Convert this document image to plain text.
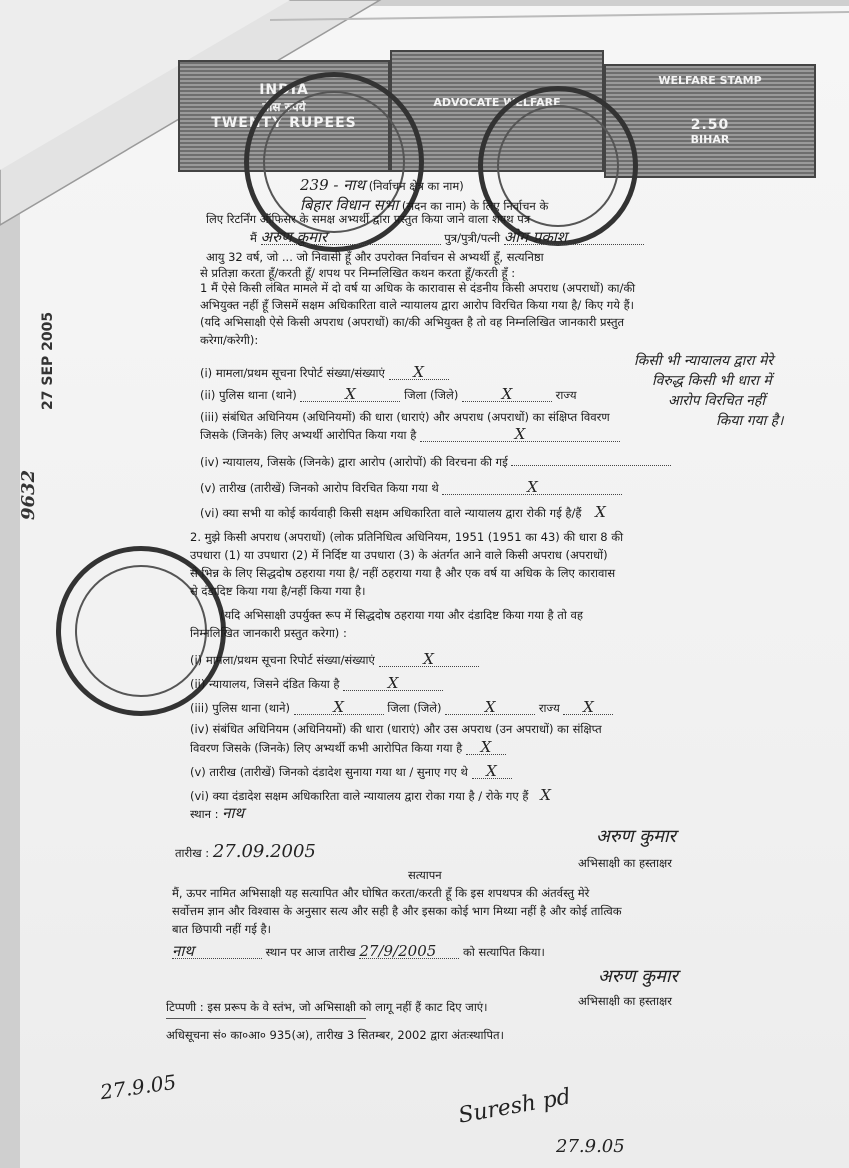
INDIA
बीस रुपये
TWENTY RUPEES
ADVOCATE WELFARE
WELFARE STAMP
2.50
BIHAR
27 SEP 2005
9632
239 - नाथ (निर्वाचन क्षेत्र का नाम)
बिहार विधान सभा (सदन का नाम) के लिए निर्वाचन के
लिए रिटर्निंग ऑफिसर के समक्ष अभ्यर्थी द्वारा प्रस्तुत किया जाने वाला शपथ पत्र
मैं अरुण कुमार	पुत्र/पुत्री/पत्नी ओम प्रकाश
आयु 32 वर्ष, जो ... जो निवासी हूँ और उपरोक्त निर्वाचन से अभ्यर्थी हूँ, सत्यनिष्ठा
से प्रतिज्ञा करता हूँ/करती हूँ/ शपथ पर निम्नलिखित कथन करता हूँ/करती हूँ :
1 मैं ऐसे किसी लंबित मामले में दो वर्ष या अधिक के कारावास से दंडनीय किसी अपराध (अपराधों) का/की
अभियुक्त नहीं हूँ जिसमें सक्षम अधिकारिता वाले न्यायालय द्वारा आरोप विरचित किया गया है/ किए गये हैं।
(यदि अभिसाक्षी ऐसे किसी अपराध (अपराधों) का/की अभियुक्त है तो वह निम्नलिखित जानकारी प्रस्तुत
करेगा/करेगी):
(i) मामला/प्रथम सूचना रिपोर्ट संख्या/संख्याएं X
(ii) पुलिस थाना (थाने)	X	जिला (जिले)	X	राज्य
(iii) संबंधित अधिनियम (अधिनियमों) की धारा (धाराएं) और अपराध (अपराधों) का संक्षिप्त विवरण
जिसके (जिनके) लिए अभ्यर्थी आरोपित किया गया है	X
(iv) न्यायालय, जिसके (जिनके) द्वारा आरोप (आरोपों) की विरचना की गई
(v) तारीख (तारीखें) जिनको आरोप विरचित किया गया थे	X
(vi) क्या सभी या कोई कार्यवाही किसी सक्षम अधिकारिता वाले न्यायालय द्वारा रोकी गई है/हैं X
किसी भी न्यायालय द्वारा मेरे
विरुद्ध किसी भी धारा में
आरोप विरचित नहीं
किया गया है।
2. मुझे किसी अपराध (अपराधों) (लोक प्रतिनिधित्व अधिनियम, 1951 (1951 का 43) की धारा 8 की
उपधारा (1) या उपधारा (2) में निर्दिष्ट या उपधारा (3) के अंतर्गत आने वाले किसी अपराध (अपराधों)
से भिन्न के लिए सिद्धदोष ठहराया गया है/ नहीं ठहराया गया है और एक वर्ष या अधिक के लिए कारावास
से दंडादिष्ट किया गया है/नहीं किया गया है।
(यदि अभिसाक्षी उपर्युक्त रूप में सिद्धदोष ठहराया गया और दंडादिष्ट किया गया है तो वह
निम्नलिखित जानकारी प्रस्तुत करेगा) :
(i) मामला/प्रथम सूचना रिपोर्ट संख्या/संख्याएं	X
(ii) न्यायालय, जिसने दंडित किया है	X
(iii) पुलिस थाना (थाने)	X	जिला (जिले)	X	राज्य X
(iv) संबंधित अधिनियम (अधिनियमों) की धारा (धाराएं) और उस अपराध (उन अपराधों) का संक्षिप्त
विवरण जिसके (जिनके) लिए अभ्यर्थी कभी आरोपित किया गया है X
(v) तारीख (तारीखें) जिनको दंडादेश सुनाया गया था / सुनाए गए थे X
(vi) क्या दंडादेश सक्षम अधिकारिता वाले न्यायालय द्वारा रोका गया है / रोके गए हैं X
स्थान : नाथ
तारीख : 27.09.2005
अरुण कुमार
अभिसाक्षी का हस्ताक्षर
सत्यापन
मैं, ऊपर नामित अभिसाक्षी यह सत्यापित और घोषित करता/करती हूँ कि इस शपथपत्र की अंतर्वस्तु मेरे
सर्वोत्तम ज्ञान और विश्वास के अनुसार सत्य और सही है और इसका कोई भाग मिथ्या नहीं है और कोई तात्विक
बात छिपायी नहीं गई है।
नाथ	स्थान पर आज तारीख 27/9/2005 को सत्यापित किया।
अरुण कुमार
अभिसाक्षी का हस्ताक्षर
टिप्पणी : इस प्ररूप के वे स्तंभ, जो अभिसाक्षी को लागू नहीं हैं काट दिए जाएं।
अधिसूचना सं० का०आ० 935(अ), तारीख 3 सितम्बर, 2002 द्वारा अंतःस्थापित।
27.9.05	Suresh pd
27.9.05
